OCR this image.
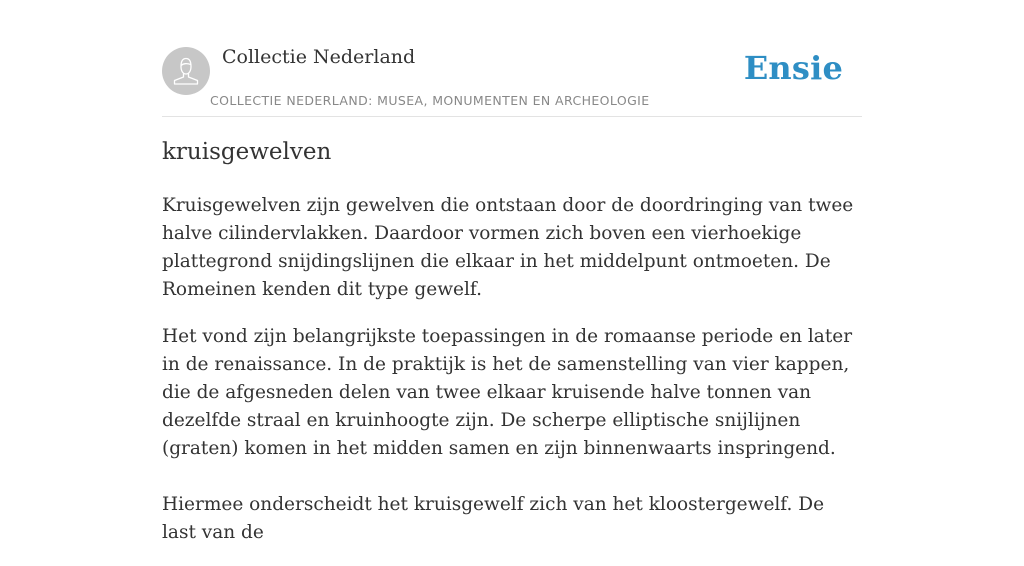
Collectie Nederland
COLLECTIE NEDERLAND: MUSEA, MONUMENTEN EN ARCHEOLOGIE
Ensie
kruisgewelven

Kruisgewelven zijn gewelven die ontstaan door de doordringing van twee halve cilindervlakken. Daardoor vormen zich boven een vierhoekige plattegrond snijdingslijnen die elkaar in het middelpunt ontmoeten. De Romeinen kenden dit type gewelf.

Het vond zijn belangrijkste toepassingen in de romaanse periode en later in de renaissance. In de praktijk is het de samenstelling van vier kappen, die de afgesneden delen van twee elkaar kruisende halve tonnen van dezelfde straal en kruinhoogte zijn. De scherpe elliptische snijlijnen (graten) komen in het midden samen en zijn binnenwaarts inspringend.

Hiermee onderscheidt het kruisgewelf zich van het kloostergewelf. De last van de
